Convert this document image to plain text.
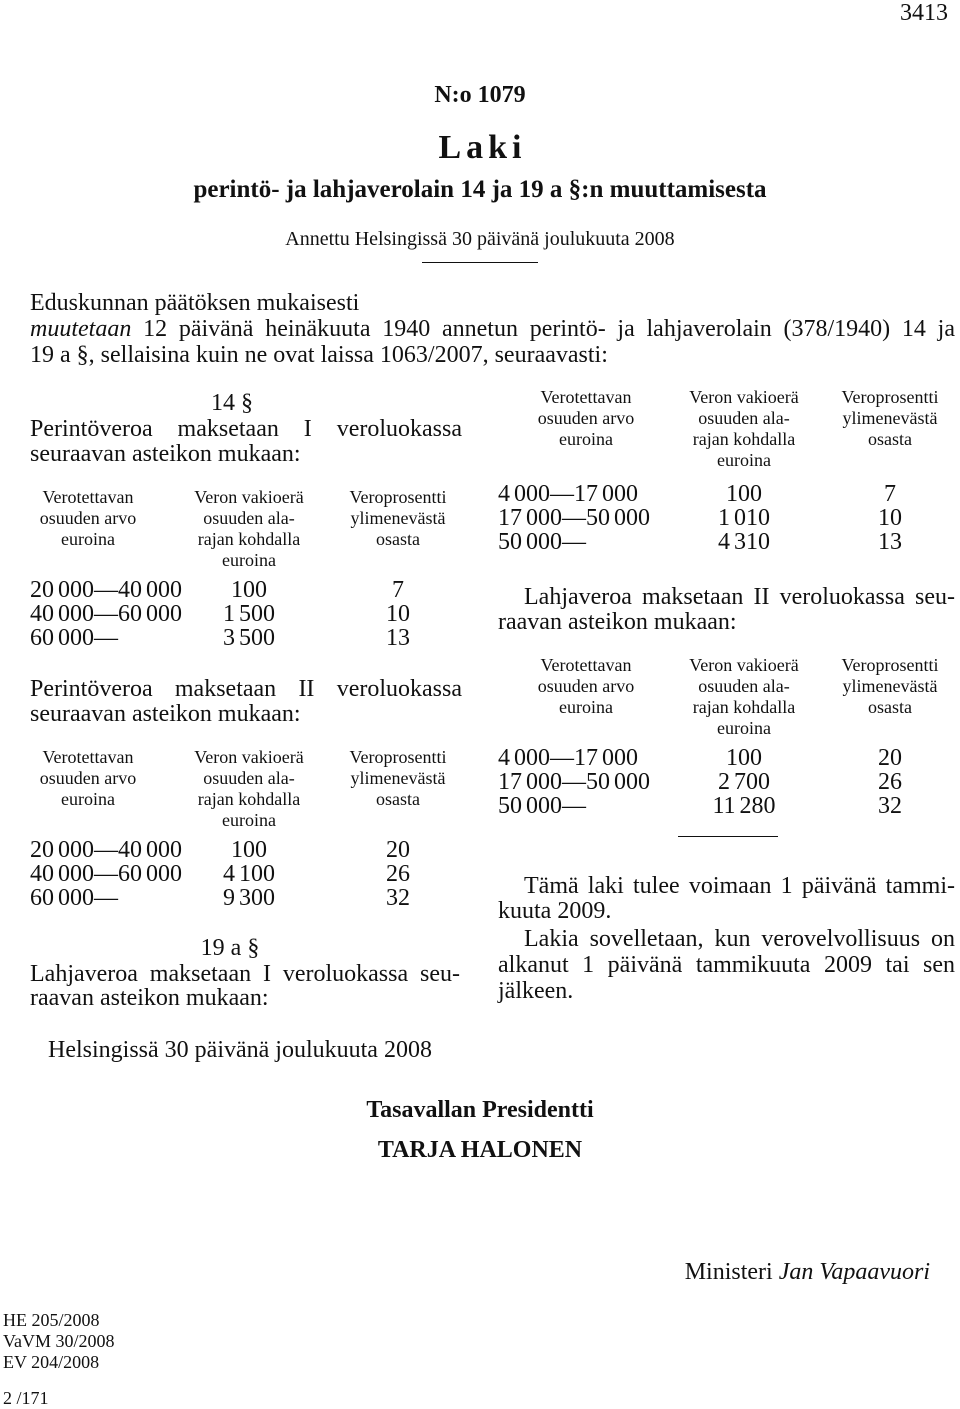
3413
N:o 1079
Laki
perintö- ja lahjaverolain 14 ja 19 a §:n muuttamisesta
Annettu Helsingissä 30 päivänä joulukuuta 2008
Eduskunnan päätöksen mukaisesti
muutetaan 12 päivänä heinäkuuta 1940 annetun perintö- ja lahjaverolain (378/1940) 14 ja
19 a §, sellaisina kuin ne ovat laissa 1063/2007, seuraavasti:
14 §
Perintöveroa maksetaan I veroluokassa
seuraavan asteikon mukaan:
Verotettavan
osuuden arvo
euroina
Veron vakioerä
osuuden ala-
rajan kohdalla
euroina
Veroprosentti
ylimenevästä
osasta
20 000—40 000	100	7
40 000—60 000	1 500	10
60 000—	3 500	13
Perintöveroa maksetaan II veroluokassa
seuraavan asteikon mukaan:
Verotettavan
osuuden arvo
euroina
Veron vakioerä
osuuden ala-
rajan kohdalla
euroina
Veroprosentti
ylimenevästä
osasta
20 000—40 000	100	20
40 000—60 000	4 100	26
60 000—	9 300	32
19 a §
Lahjaveroa maksetaan I veroluokassa seu-
raavan asteikon mukaan:
Verotettavan
osuuden arvo
euroina
Veron vakioerä
osuuden ala-
rajan kohdalla
euroina
Veroprosentti
ylimenevästä
osasta
4 000—17 000	100	7
17 000—50 000	1 010	10
50 000—	4 310	13
Lahjaveroa maksetaan II veroluokassa seu-
raavan asteikon mukaan:
Verotettavan
osuuden arvo
euroina
Veron vakioerä
osuuden ala-
rajan kohdalla
euroina
Veroprosentti
ylimenevästä
osasta
4 000—17 000	100	20
17 000—50 000	2 700	26
50 000—	11 280	32
Tämä laki tulee voimaan 1 päivänä tammi-
kuuta 2009.
Lakia sovelletaan, kun verovelvollisuus on
alkanut 1 päivänä tammikuuta 2009 tai sen
jälkeen.
Helsingissä 30 päivänä joulukuuta 2008
Tasavallan Presidentti
TARJA HALONEN
Ministeri Jan Vapaavuori
HE 205/2008
VaVM 30/2008
EV 204/2008
2 /171
